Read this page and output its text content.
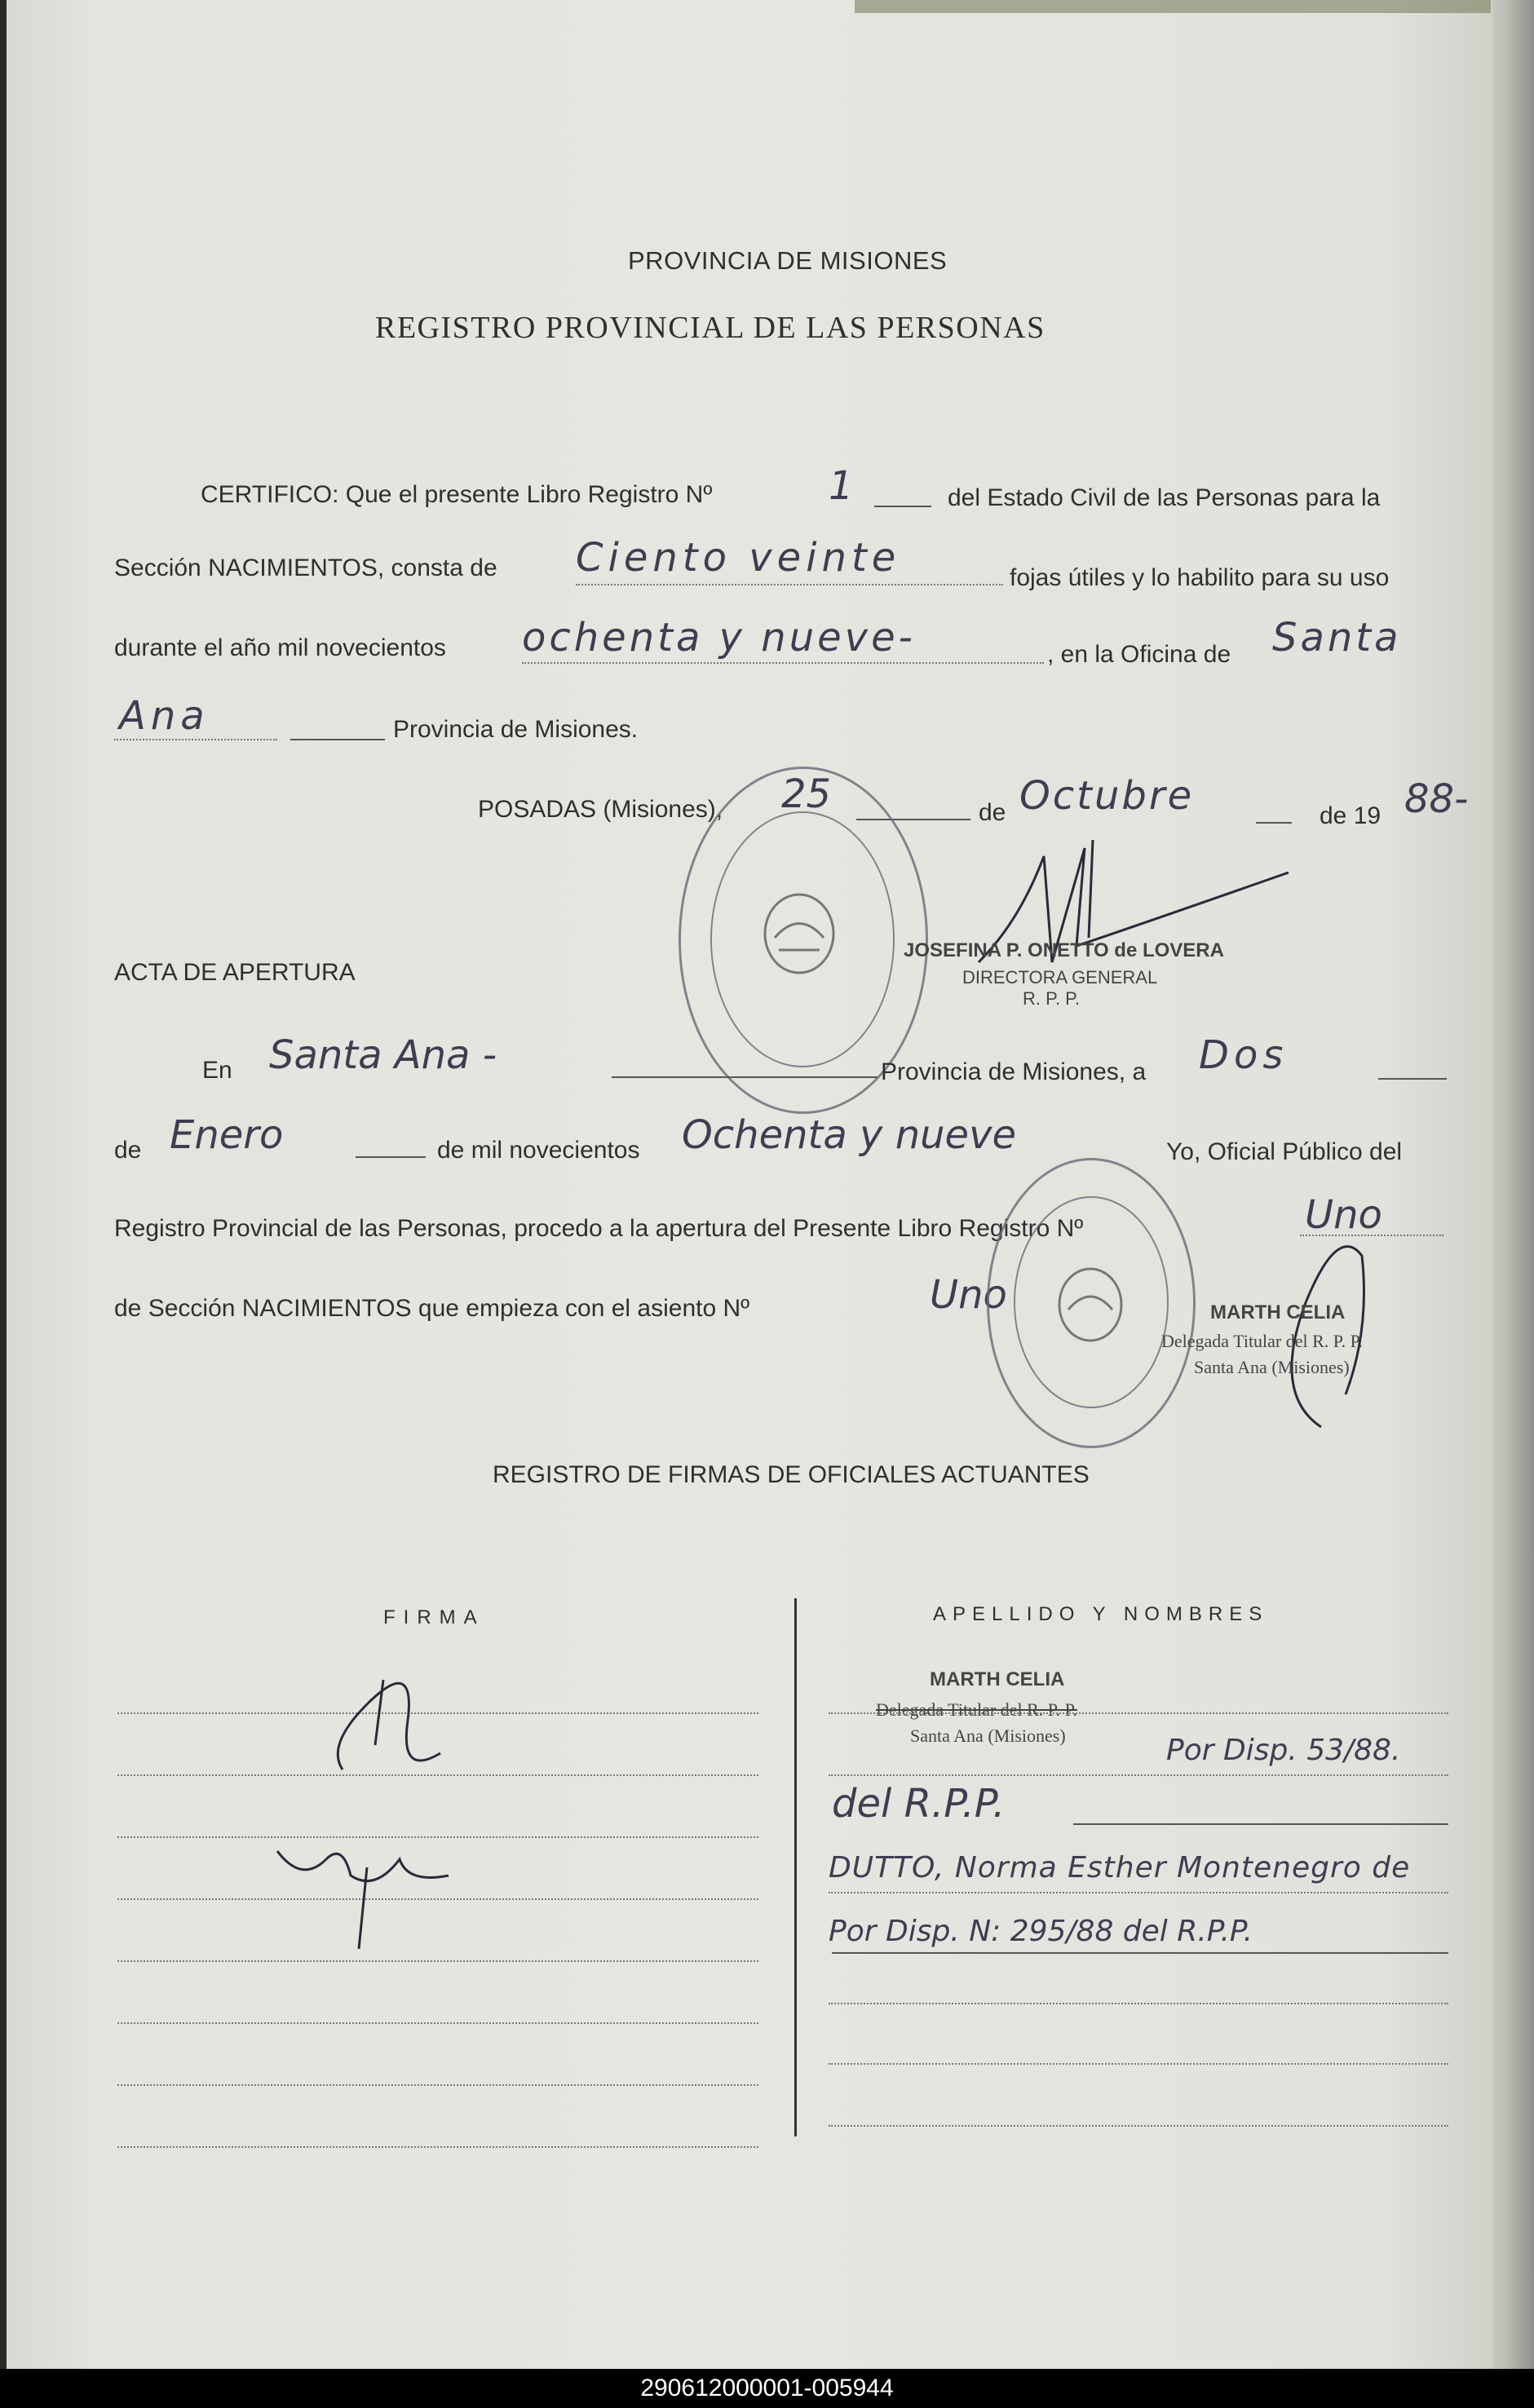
PROVINCIA DE MISIONES
REGISTRO PROVINCIAL DE LAS PERSONAS
CERTIFICO: Que el presente Libro Registro Nº	1	del Estado Civil de las Personas para la
Sección NACIMIENTOS, consta de Ciento veinte	fojas útiles y lo habilito para su uso
durante el año mil novecientos ochenta y nueve-	, en la Oficina de Santa
Ana	Provincia de Misiones.
POSADAS (Misiones), 25	de Octubre	de 19 88-
JOSEFINA P. ONETTO de LOVERA
DIRECTORA GENERAL
R. P. P.
ACTA DE APERTURA
En Santa Ana -	Provincia de Misiones, a Dos
de Enero	de mil novecientos Ochenta y nueve	Yo, Oficial Público del
Registro Provincial de las Personas, procedo a la apertura del Presente Libro Registro Nº	Uno
de Sección NACIMIENTOS que empieza con el asiento Nº	Uno	MARTH CELIA
Delegada Titular del R. P. P.
Santa Ana (Misiones)
REGISTRO DE FIRMAS DE OFICIALES ACTUANTES
FIRMA	APELLIDO Y NOMBRES
MARTH CELIA
Delegada Titular del R. P. P.
Santa Ana (Misiones)	Por Disp. 53/88.
del R.P.P.
DUTTO, Norma Esther Montenegro de
Por Disp. N: 295/88 del R.P.P.
290612000001-005944
